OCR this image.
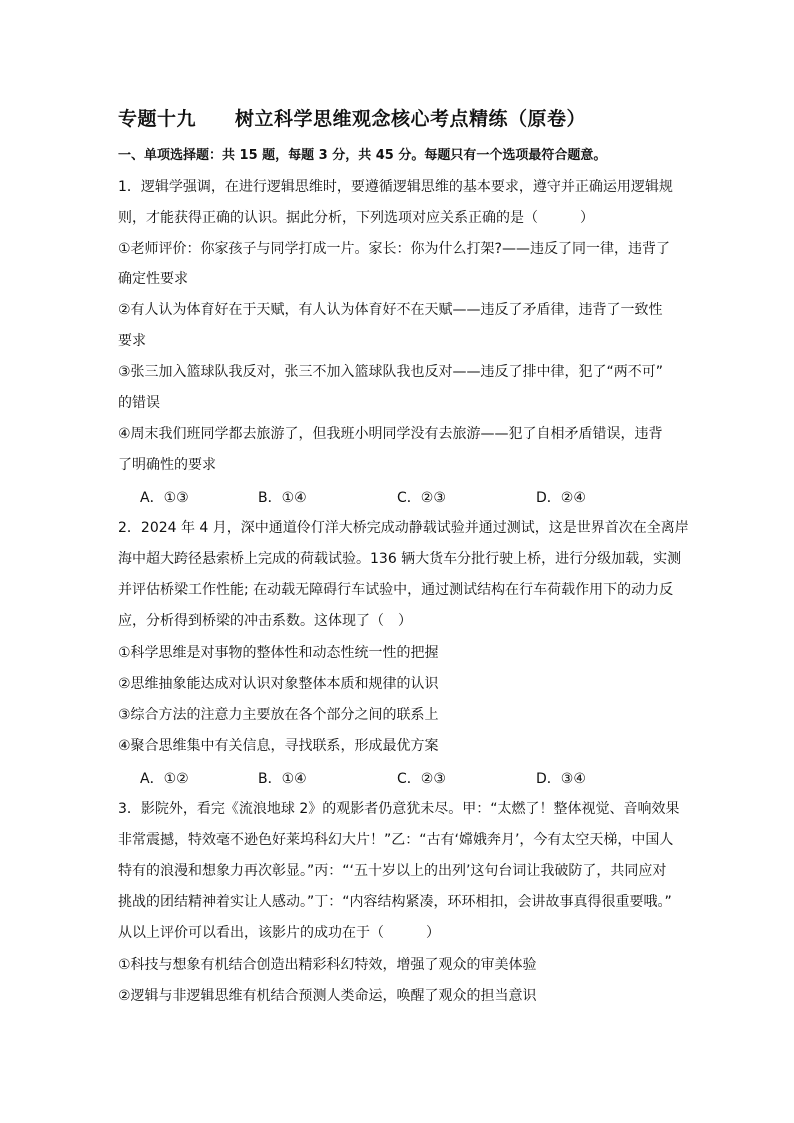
专题十九　　树立科学思维观念核心考点精练（原卷）
一、单项选择题：共 15 题，每题 3 分，共 45 分。每题只有一个选项最符合题意。
1．逻辑学强调，在进行逻辑思维时，要遵循逻辑思维的基本要求，遵守并正确运用逻辑规
则，才能获得正确的认识。据此分析，下列选项对应关系正确的是（　　　）
①老师评价：你家孩子与同学打成一片。家长：你为什么打架?——违反了同一律，违背了
确定性要求
②有人认为体育好在于天赋，有人认为体育好不在天赋——违反了矛盾律，违背了一致性
要求
③张三加入篮球队我反对，张三不加入篮球队我也反对——违反了排中律，犯了“两不可”
的错误
④周末我们班同学都去旅游了，但我班小明同学没有去旅游——犯了自相矛盾错误，违背
了明确性的要求
A．①③	B．①④	C．②③	D．②④
2．2024 年 4 月，深中通道伶仃洋大桥完成动静载试验并通过测试，这是世界首次在全离岸
海中超大跨径悬索桥上完成的荷载试验。136 辆大货车分批行驶上桥，进行分级加载，实测
并评估桥梁工作性能; 在动载无障碍行车试验中，通过测试结构在行车荷载作用下的动力反
应，分析得到桥梁的冲击系数。这体现了（　）
①科学思维是对事物的整体性和动态性统一性的把握
②思维抽象能达成对认识对象整体本质和规律的认识
③综合方法的注意力主要放在各个部分之间的联系上
④聚合思维集中有关信息，寻找联系，形成最优方案
A．①②	B．①④	C．②③	D．③④
3．影院外，看完《流浪地球 2》的观影者仍意犹未尽。甲：“太燃了！整体视觉、音响效果
非常震撼，特效毫不逊色好莱坞科幻大片！”乙：“古有‘嫦娥奔月’，今有太空天梯，中国人
特有的浪漫和想象力再次彰显。”丙：“‘五十岁以上的出列’这句台词让我破防了，共同应对
挑战的团结精神着实让人感动。”丁：“内容结构紧凑，环环相扣，会讲故事真得很重要哦。”
从以上评价可以看出，该影片的成功在于（　　　）
①科技与想象有机结合创造出精彩科幻特效，增强了观众的审美体验
②逻辑与非逻辑思维有机结合预测人类命运，唤醒了观众的担当意识
